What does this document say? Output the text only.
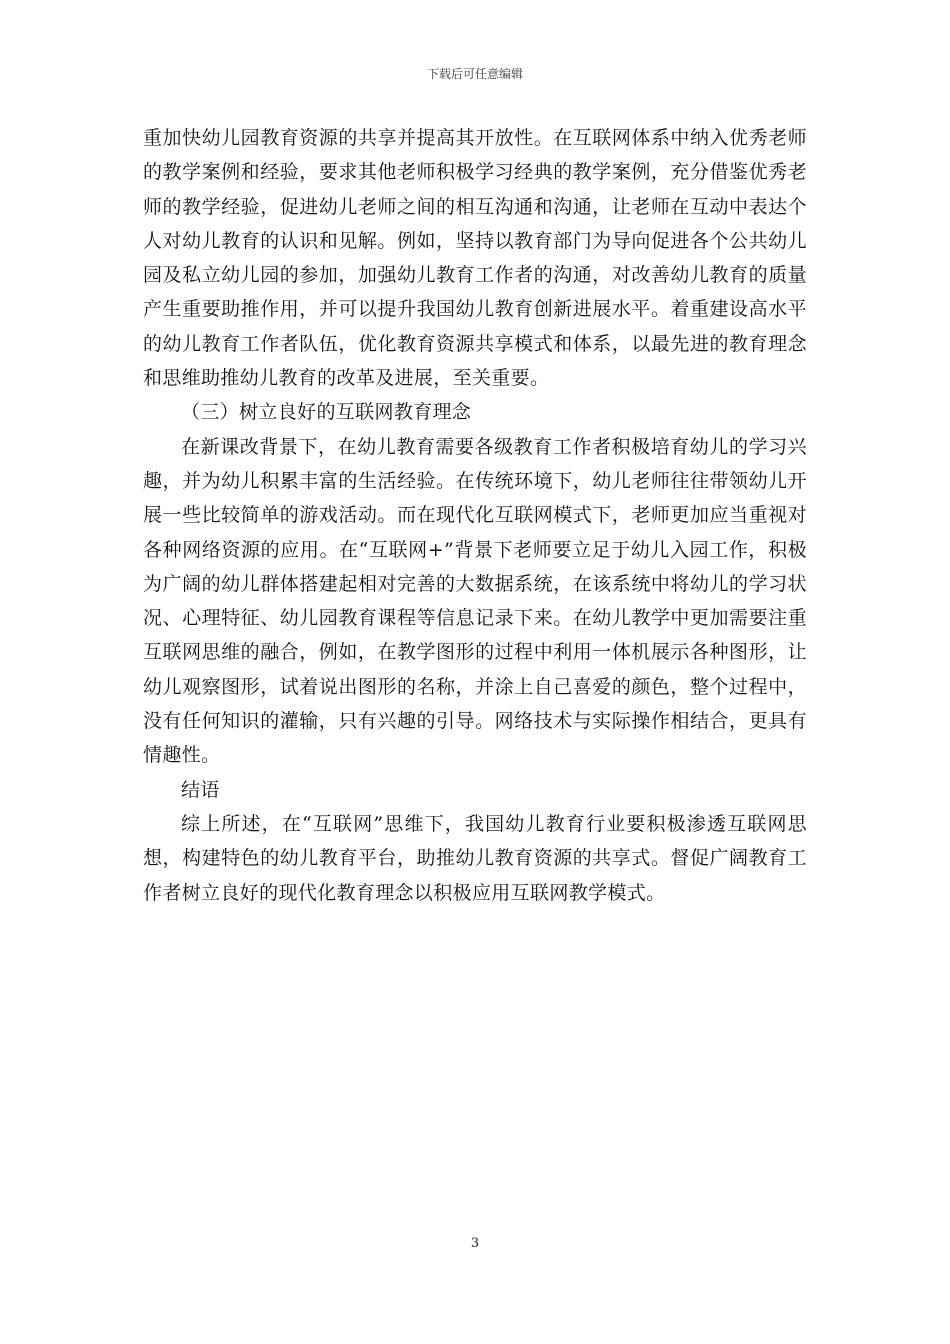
下载后可任意编辑

重加快幼儿园教育资源的共享并提高其开放性。在互联网体系中纳入优秀老师的教学案例和经验，要求其他老师积极学习经典的教学案例，充分借鉴优秀老师的教学经验，促进幼儿老师之间的相互沟通和沟通，让老师在互动中表达个人对幼儿教育的认识和见解。例如，坚持以教育部门为导向促进各个公共幼儿园及私立幼儿园的参加，加强幼儿教育工作者的沟通，对改善幼儿教育的质量产生重要助推作用，并可以提升我国幼儿教育创新进展水平。着重建设高水平的幼儿教育工作者队伍，优化教育资源共享模式和体系，以最先进的教育理念和思维助推幼儿教育的改革及进展，至关重要。

（三）树立良好的互联网教育理念

在新课改背景下，在幼儿教育需要各级教育工作者积极培育幼儿的学习兴趣，并为幼儿积累丰富的生活经验。在传统环境下，幼儿老师往往带领幼儿开展一些比较简单的游戏活动。而在现代化互联网模式下，老师更加应当重视对各种网络资源的应用。在“互联网+”背景下老师要立足于幼儿入园工作，积极为广阔的幼儿群体搭建起相对完善的大数据系统，在该系统中将幼儿的学习状况、心理特征、幼儿园教育课程等信息记录下来。在幼儿教学中更加需要注重互联网思维的融合，例如，在教学图形的过程中利用一体机展示各种图形，让幼儿观察图形，试着说出图形的名称，并涂上自己喜爱的颜色，整个过程中，没有任何知识的灌输，只有兴趣的引导。网络技术与实际操作相结合，更具有情趣性。

结语

综上所述，在“互联网”思维下，我国幼儿教育行业要积极渗透互联网思想，构建特色的幼儿教育平台，助推幼儿教育资源的共享式。督促广阔教育工作者树立良好的现代化教育理念以积极应用互联网教学模式。

3
